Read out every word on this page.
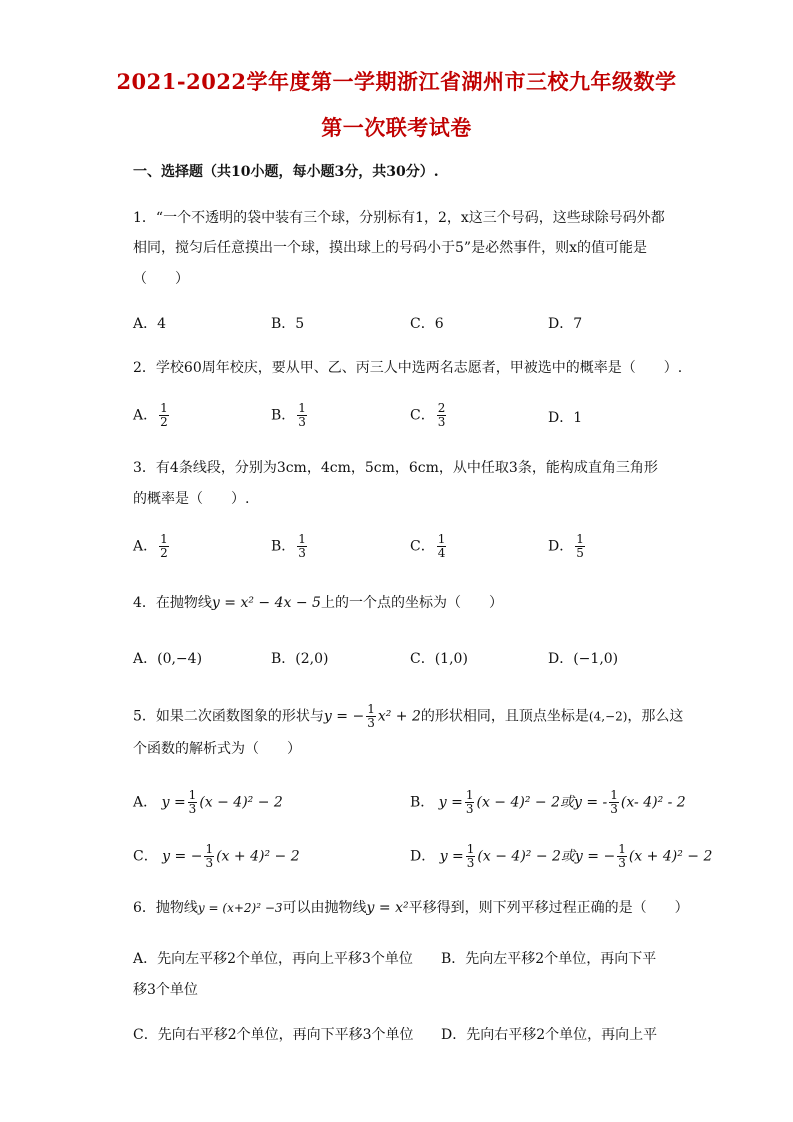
2021-2022学年度第一学期浙江省湖州市三校九年级数学
第一次联考试卷
一、选择题（共10小题，每小题3分，共30分）.
1．“一个不透明的袋中装有三个球，分别标有1，2，x这三个号码，这些球除号码外都
相同，搅匀后任意摸出一个球，摸出球上的号码小于5”是必然事件，则x的值可能是
（　　）
A．4	B．5	C．6	D．7
2．学校60周年校庆，要从甲、乙、丙三人中选两名志愿者，甲被选中的概率是（　　）.
A． $\frac{1}{2}$	B． $\frac{1}{3}$	C． $\frac{2}{3}$	D．1
3．有4条线段，分别为3cm，4cm，5cm，6cm，从中任取3条，能构成直角三角形
的概率是（　　）.
A． $\frac{1}{2}$	B． $\frac{1}{3}$	C． $\frac{1}{4}$	D． $\frac{1}{5}$
4．在抛物线y = x² − 4x − 5上的一个点的坐标为（　　）
A．(0,−4)	B．(2,0)	C．(1,0)	D．(−1,0)
5．如果二次函数图象的形状与y = − $\frac{1}{3} x^2 + 2$的形状相同，且顶点坐标是(4,−2)，那么这
个函数的解析式为（　　）
A． $y = \frac{1}{3} (x - 4)^2 - 2$	B． $y = \frac{1}{3} (x - 4)^2 - 2$或y = - $\frac{1}{3} (x-$ 4)² - 2
C． y = − $\frac{1}{3} (x + 4)^2 - 2$	D． $y = \frac{1}{3} (x - 4)^2 - 2$或y = − $\frac{1}{3} (x + 4)^2 - 2$
6．抛物线y = (x+2)² −3可以由抛物线y = x²平移得到，则下列平移过程正确的是（　　）
A．先向左平移2个单位，再向上平移3个单位 B．先向左平移2个单位，再向下平
移3个单位
C．先向右平移2个单位，再向下平移3个单位 D．先向右平移2个单位，再向上平
